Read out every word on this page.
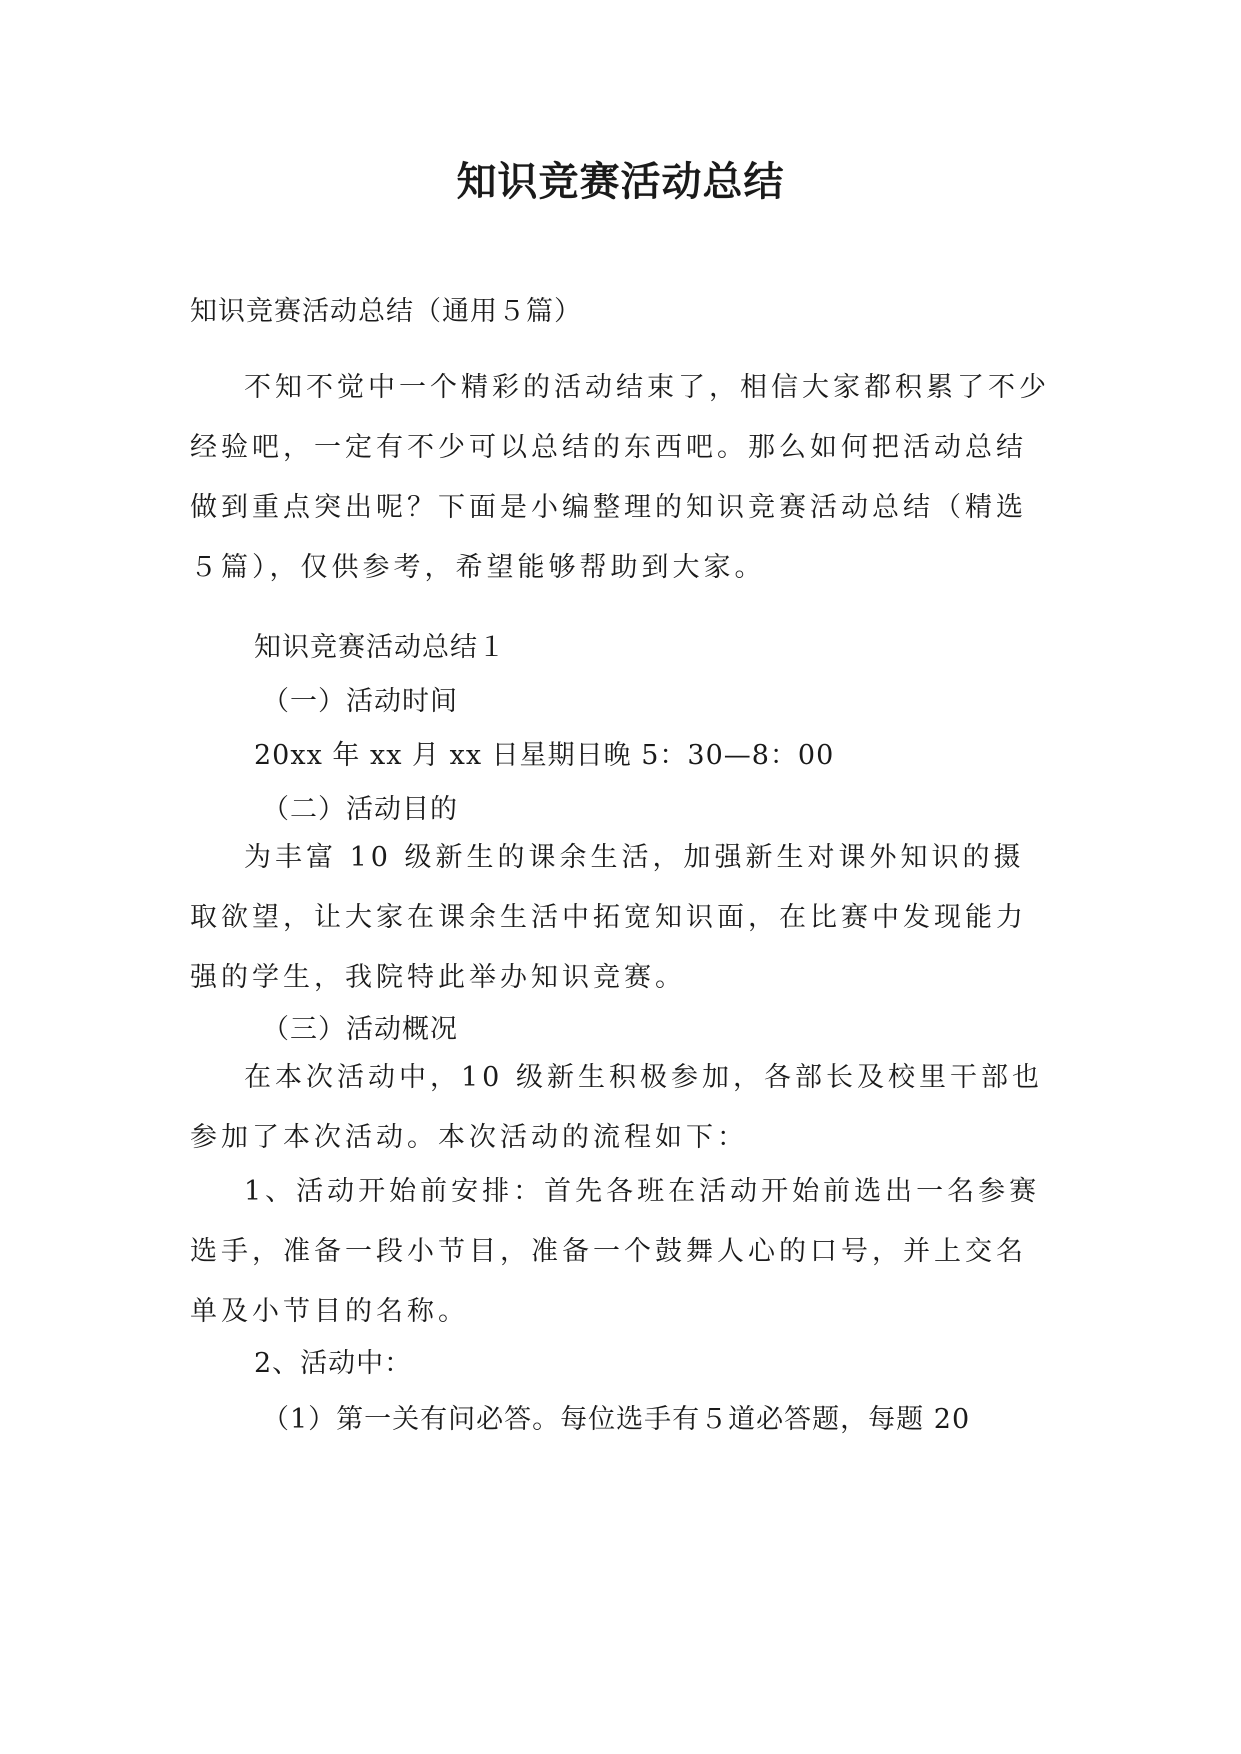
知识竞赛活动总结
知识竞赛活动总结（通用５篇）

不知不觉中一个精彩的活动结束了，相信大家都积累了不少经验吧，一定有不少可以总结的东西吧。那么如何把活动总结做到重点突出呢？下面是小编整理的知识竞赛活动总结（精选５篇），仅供参考，希望能够帮助到大家。

知识竞赛活动总结１
（一）活动时间
20xx 年 xx 月 xx 日星期日晚 5：30—8：00
（二）活动目的

为丰富 10 级新生的课余生活，加强新生对课外知识的摄取欲望，让大家在课余生活中拓宽知识面，在比赛中发现能力强的学生，我院特此举办知识竞赛。

（三）活动概况

在本次活动中，10 级新生积极参加，各部长及校里干部也参加了本次活动。本次活动的流程如下：

1、活动开始前安排：首先各班在活动开始前选出一名参赛选手，准备一段小节目，准备一个鼓舞人心的口号，并上交名单及小节目的名称。

2、活动中：
（1）第一关有问必答。每位选手有５道必答题，每题 20
